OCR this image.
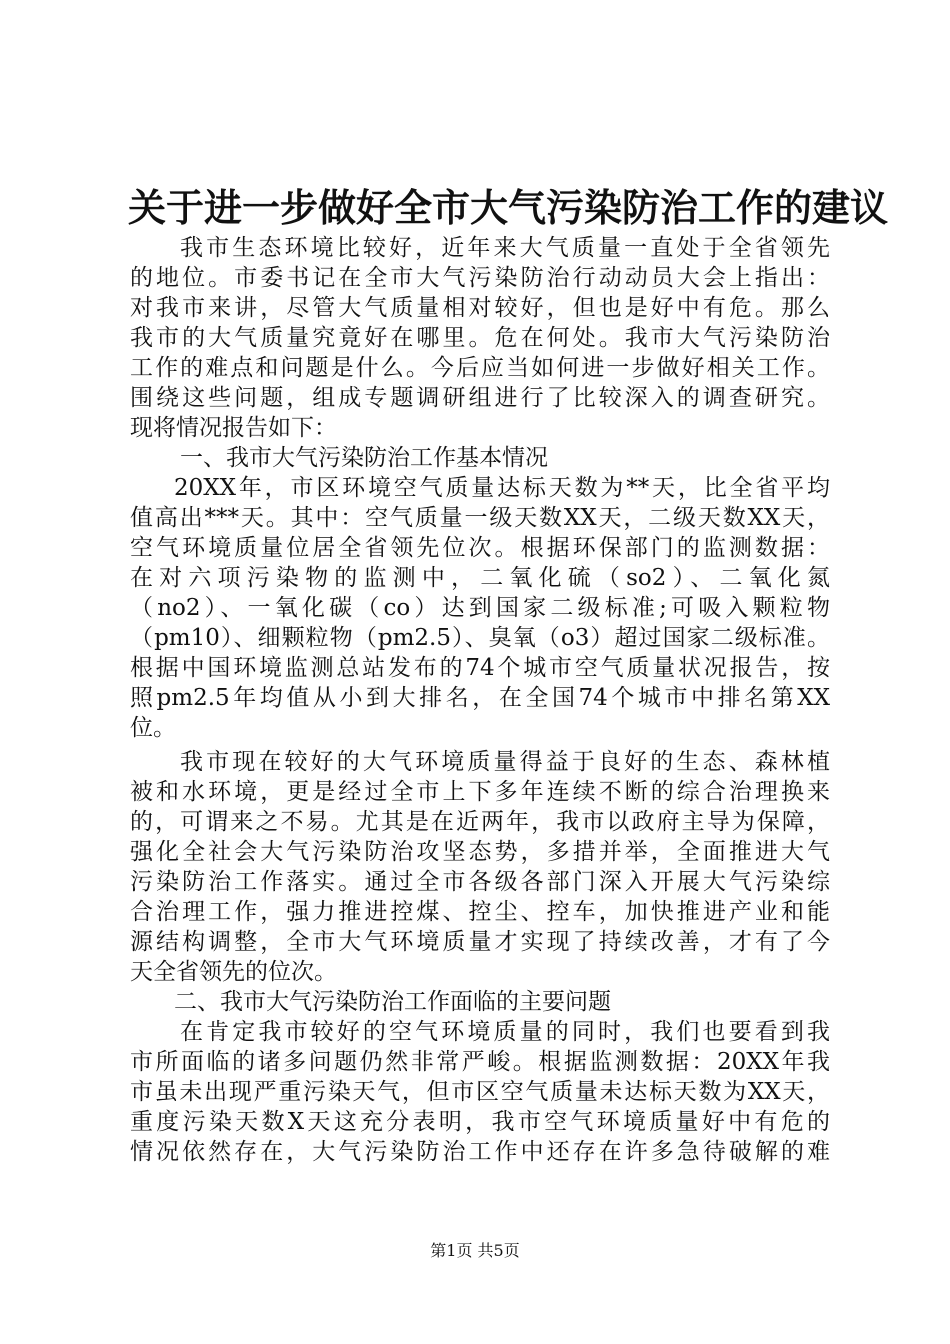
关于进一步做好全市大气污染防治工作的建议
我市生态环境比较好，近年来大气质量一直处于全省领先
的地位。市委书记在全市大气污染防治行动动员大会上指出：
对我市来讲，尽管大气质量相对较好，但也是好中有危。那么
我市的大气质量究竟好在哪里。危在何处。我市大气污染防治
工作的难点和问题是什么。今后应当如何进一步做好相关工作。
围绕这些问题，组成专题调研组进行了比较深入的调查研究。
现将情况报告如下：
一、我市大气污染防治工作基本情况
20XX年，市区环境空气质量达标天数为**天，比全省平均
值高出***天。其中：空气质量一级天数XX天，二级天数XX天，
空气环境质量位居全省领先位次。根据环保部门的监测数据：
在对六项污染物的监测中，二氧化硫（so2）、二氧化氮
（no2）、一氧化碳（co）达到国家二级标准;可吸入颗粒物
（pm10）、细颗粒物（pm2.5）、臭氧（o3）超过国家二级标准。
根据中国环境监测总站发布的74个城市空气质量状况报告，按
照pm2.5年均值从小到大排名，在全国74个城市中排名第XX
位。
我市现在较好的大气环境质量得益于良好的生态、森林植
被和水环境，更是经过全市上下多年连续不断的综合治理换来
的，可谓来之不易。尤其是在近两年，我市以政府主导为保障，
强化全社会大气污染防治攻坚态势，多措并举，全面推进大气
污染防治工作落实。通过全市各级各部门深入开展大气污染综
合治理工作，强力推进控煤、控尘、控车，加快推进产业和能
源结构调整，全市大气环境质量才实现了持续改善，才有了今
天全省领先的位次。
二、我市大气污染防治工作面临的主要问题
在肯定我市较好的空气环境质量的同时，我们也要看到我
市所面临的诸多问题仍然非常严峻。根据监测数据：20XX年我
市虽未出现严重污染天气，但市区空气质量未达标天数为XX天，
重度污染天数X天这充分表明，我市空气环境质量好中有危的
情况依然存在，大气污染防治工作中还存在许多急待破解的难
第1页 共5页
